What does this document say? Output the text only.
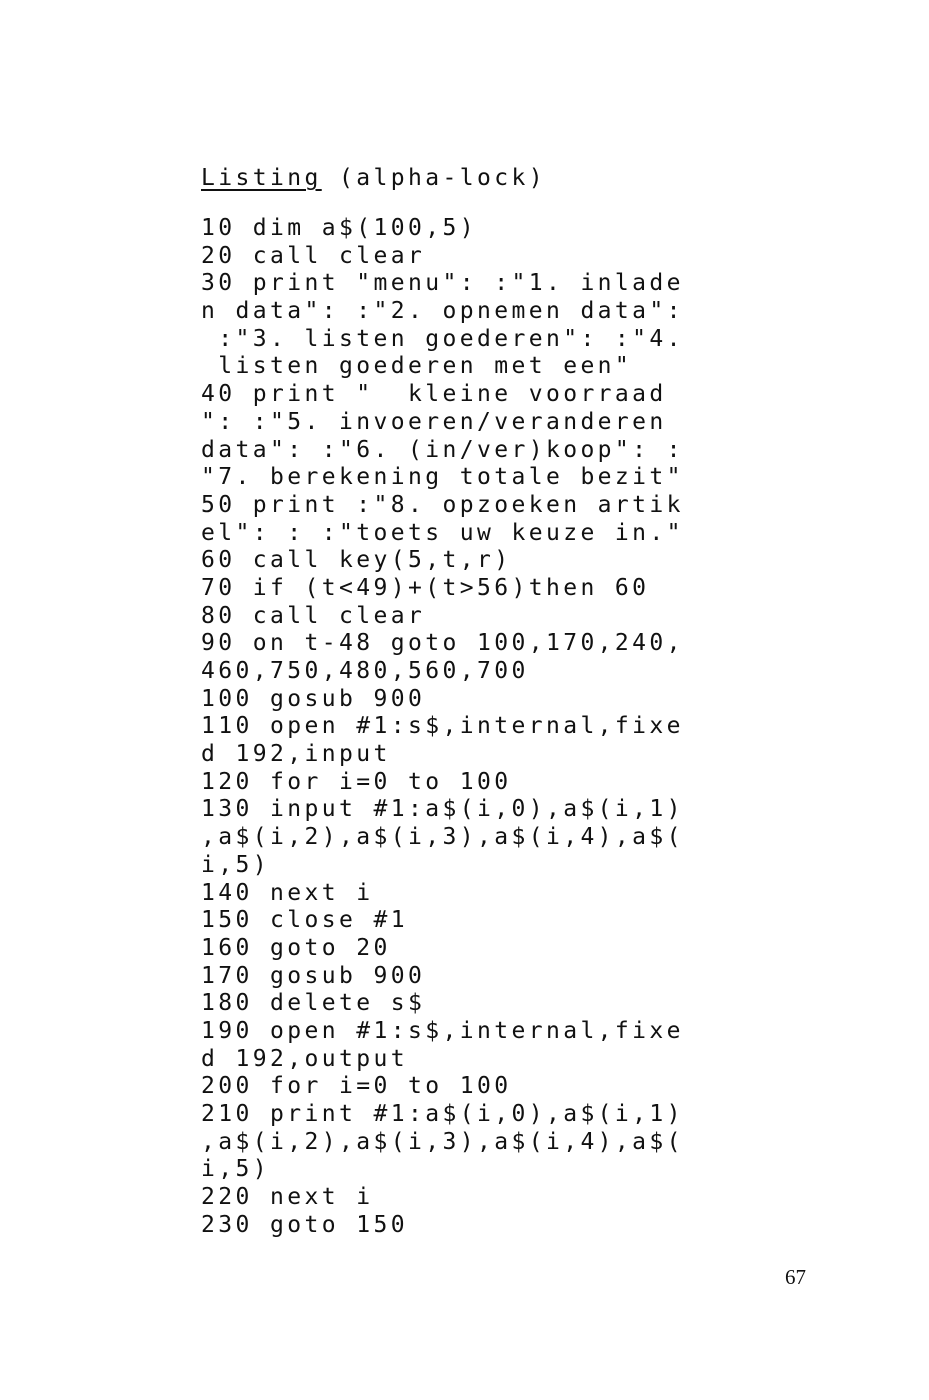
Listing (alpha-lock)
10 dim a$(100,5)
20 call clear
30 print "menu": :"1. inlade
n data": :"2. opnemen data":
:"3. listen goederen": :"4.
listen goederen met een"
40 print "  kleine voorraad
": :"5. invoeren/veranderen
data": :"6. (in/ver)koop": :
"7. berekening totale bezit"
50 print :"8. opzoeken artik
el": : :"toets uw keuze in."
60 call key(5,t,r)
70 if (t<49)+(t>56)then 60
80 call clear
90 on t-48 goto 100,170,240,
460,750,480,560,700
100 gosub 900
110 open #1:s$,internal,fixe
d 192,input
120 for i=0 to 100
130 input #1:a$(i,0),a$(i,1)
,a$(i,2),a$(i,3),a$(i,4),a$(
i,5)
140 next i
150 close #1
160 goto 20
170 gosub 900
180 delete s$
190 open #1:s$,internal,fixe
d 192,output
200 for i=0 to 100
210 print #1:a$(i,0),a$(i,1)
,a$(i,2),a$(i,3),a$(i,4),a$(
i,5)
220 next i
230 goto 150
67
